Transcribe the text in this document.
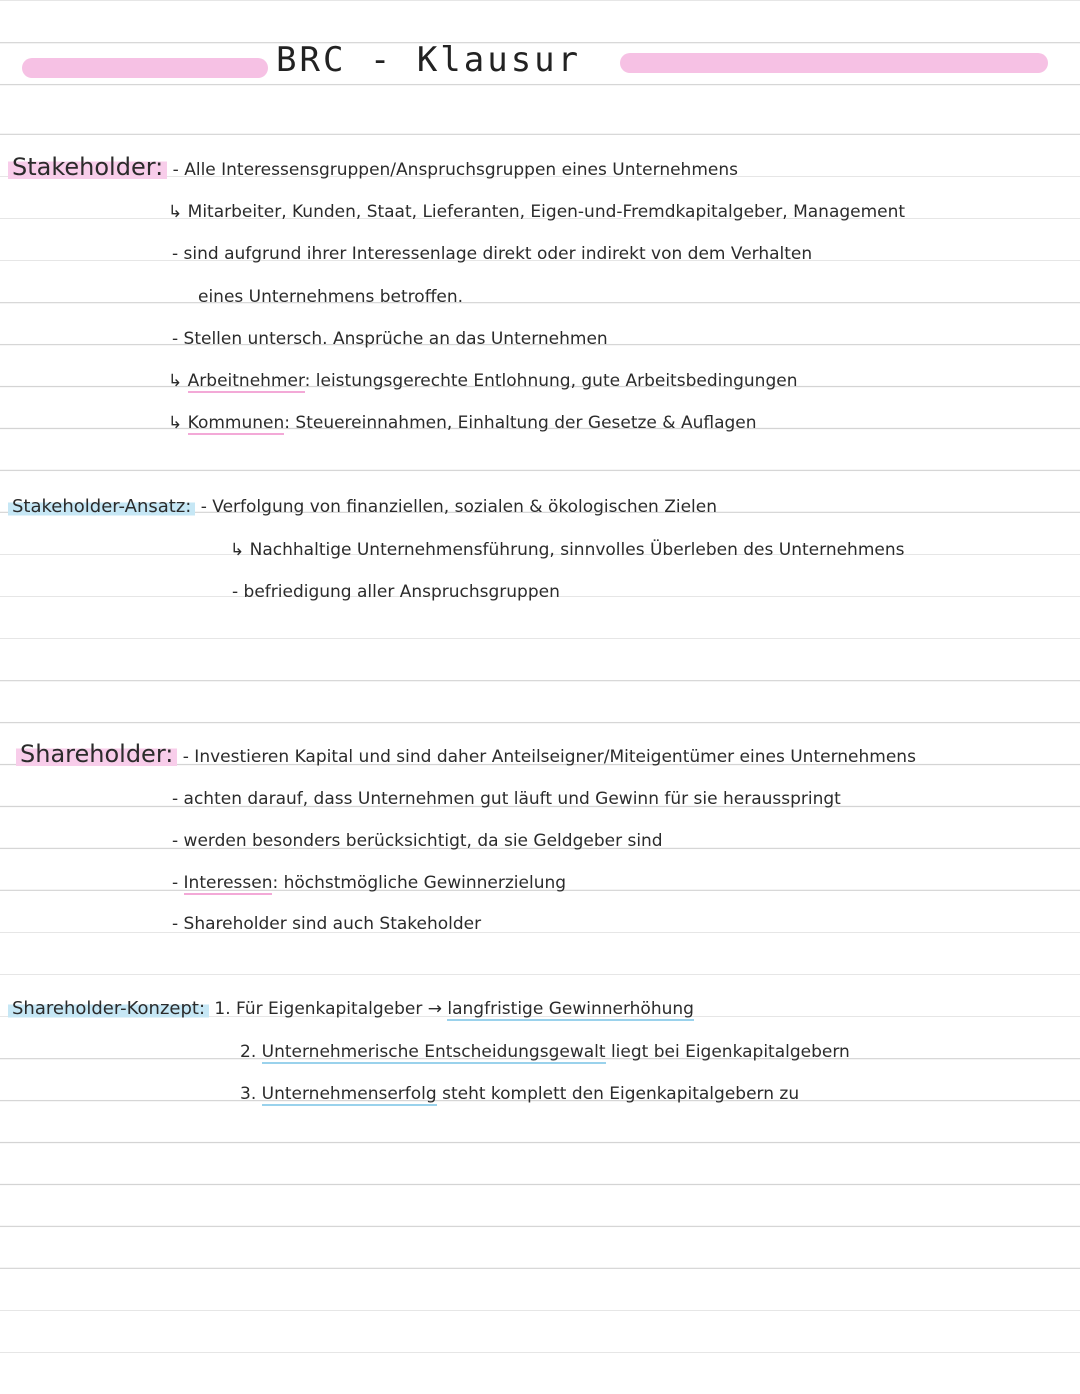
BRC - Klausur
Stakeholder: - Alle Interessensgruppen/Anspruchsgruppen eines Unternehmens
↳ Mitarbeiter, Kunden, Staat, Lieferanten, Eigen-und-Fremdkapitalgeber, Management
- sind aufgrund ihrer Interessenlage direkt oder indirekt von dem Verhalten
eines Unternehmens betroffen.
- Stellen untersch. Ansprüche an das Unternehmen
↳ Arbeitnehmer: leistungsgerechte Entlohnung, gute Arbeitsbedingungen
↳ Kommunen: Steuereinnahmen, Einhaltung der Gesetze & Auflagen
Stakeholder-Ansatz: - Verfolgung von finanziellen, sozialen & ökologischen Zielen
↳ Nachhaltige Unternehmensführung, sinnvolles Überleben des Unternehmens
- befriedigung aller Anspruchsgruppen
Shareholder: - Investieren Kapital und sind daher Anteilseigner/Miteigentümer eines Unternehmens
- achten darauf, dass Unternehmen gut läuft und Gewinn für sie herausspringt
- werden besonders berücksichtigt, da sie Geldgeber sind
- Interessen: höchstmögliche Gewinnerzielung
- Shareholder sind auch Stakeholder
Shareholder-Konzept: 1. Für Eigenkapitalgeber → langfristige Gewinnerhöhung
2. Unternehmerische Entscheidungsgewalt liegt bei Eigenkapitalgebern
3. Unternehmenserfolg steht komplett den Eigenkapitalgebern zu
